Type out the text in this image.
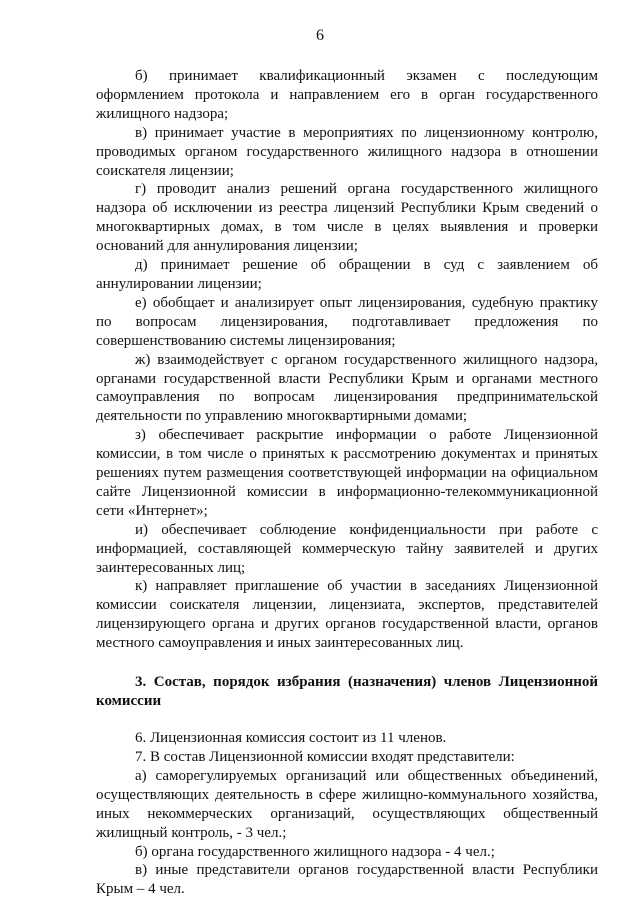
6

б) принимает квалификационный экзамен с последующим оформлением протокола и направлением его в орган государственного жилищного надзора;

в) принимает участие в мероприятиях по лицензионному контролю, проводимых органом государственного жилищного надзора в отношении соискателя лицензии;

г) проводит анализ решений органа государственного жилищного надзора об исключении из реестра лицензий Республики Крым сведений о многоквартирных домах, в том числе в целях выявления и проверки оснований для аннулирования лицензии;

д) принимает решение об обращении в суд с заявлением об аннулировании лицензии;

е) обобщает и анализирует опыт лицензирования, судебную практику по вопросам лицензирования, подготавливает предложения по совершенствованию системы лицензирования;

ж) взаимодействует с органом государственного жилищного надзора, органами государственной власти Республики Крым и органами местного самоуправления по вопросам лицензирования предпринимательской деятельности по управлению многоквартирными домами;

з) обеспечивает раскрытие информации о работе Лицензионной комиссии, в том числе о принятых к рассмотрению документах и принятых решениях путем размещения соответствующей информации на официальном сайте Лицензионной комиссии в информационно-телекоммуникационной сети «Интернет»;

и) обеспечивает соблюдение конфиденциальности при работе с информацией, составляющей коммерческую тайну заявителей и других заинтересованных лиц;

к) направляет приглашение об участии в заседаниях Лицензионной комиссии соискателя лицензии, лицензиата, экспертов, представителей лицензирующего органа и других органов государственной власти, органов местного самоуправления и иных заинтересованных лиц.

3. Состав, порядок избрания (назначения) членов Лицензионной комиссии

6. Лицензионная комиссия состоит из 11 членов.

7. В состав Лицензионной комиссии входят представители:

а) саморегулируемых организаций или общественных объединений, осуществляющих деятельность в сфере жилищно-коммунального хозяйства, иных некоммерческих организаций, осуществляющих общественный жилищный контроль, - 3 чел.;

б) органа государственного жилищного надзора - 4 чел.;

в) иные представители органов государственной власти Республики Крым – 4 чел.
